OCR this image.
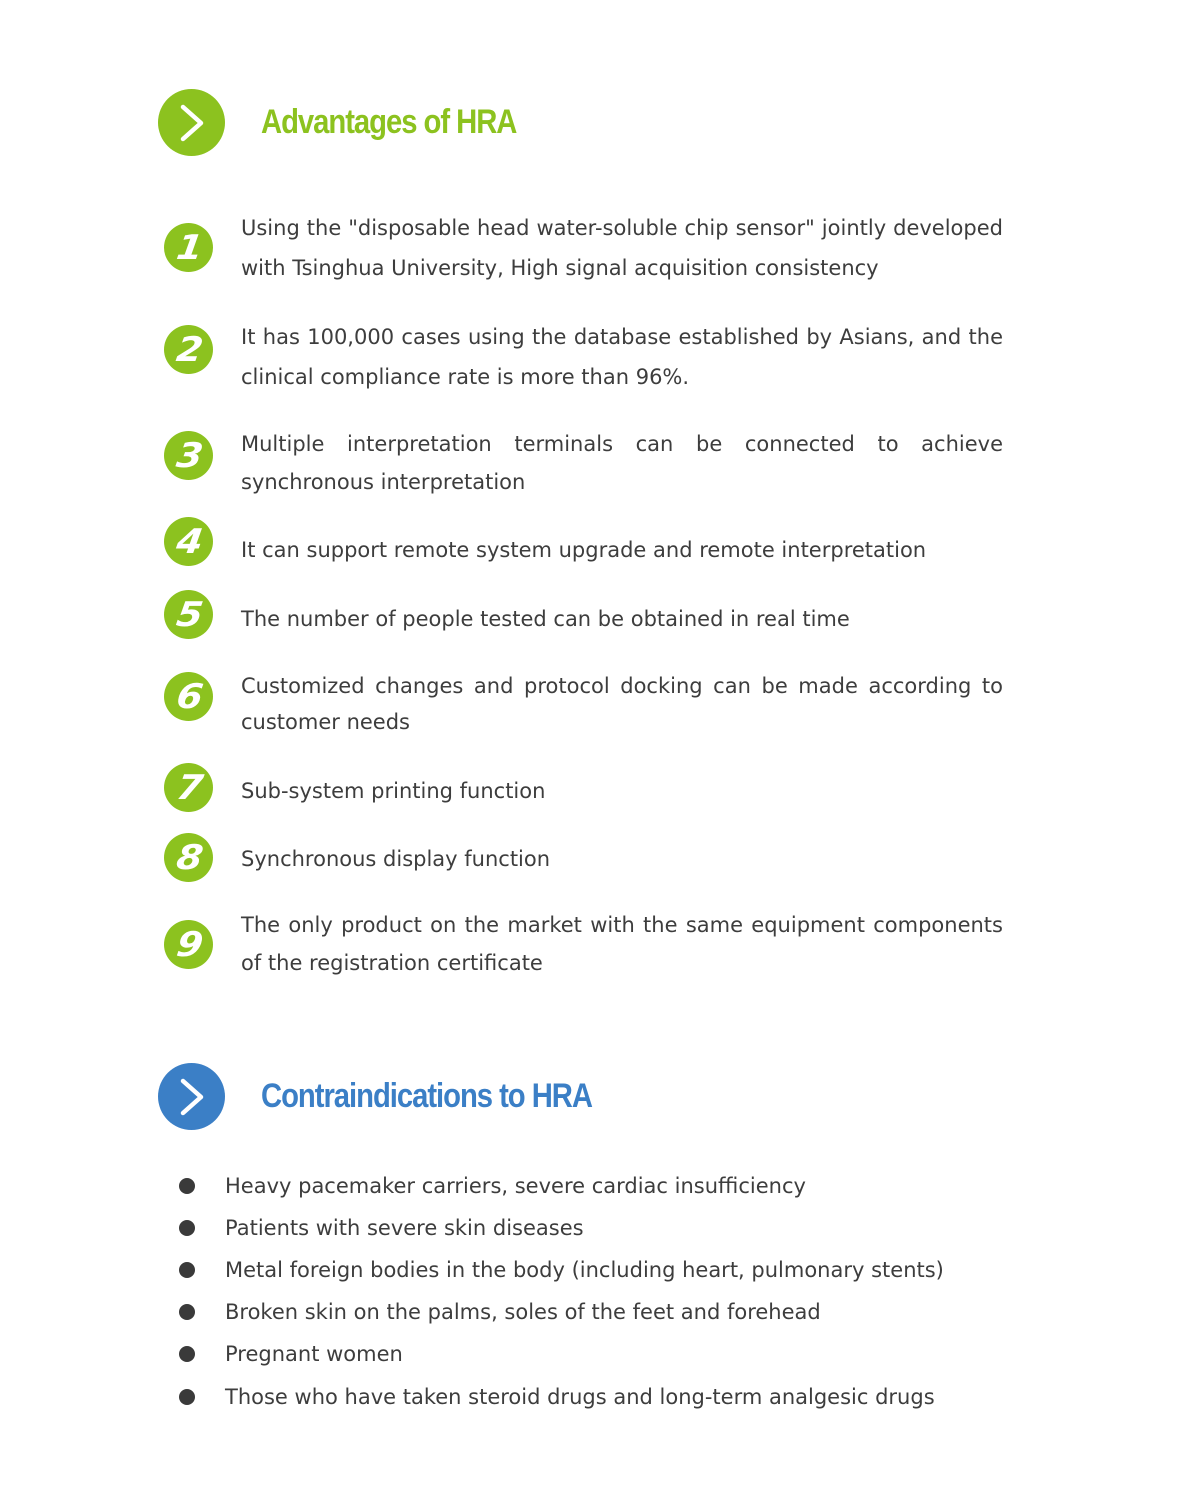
Advantages of HRA
1 Using the "disposable head water-soluble chip sensor" jointly developed with Tsinghua University, High signal acquisition consistency

2 It has 100,000 cases using the database established by Asians, and the clinical compliance rate is more than 96%.

3 Multiple interpretation terminals can be connected to achieve synchronous interpretation

4 It can support remote system upgrade and remote interpretation

5 The number of people tested can be obtained in real time

6 Customized changes and protocol docking can be made according to customer needs

7 Sub-system printing function

8 Synchronous display function

9 The only product on the market with the same equipment components of the registration certificate

Contraindications to HRA
Heavy pacemaker carriers, severe cardiac insufficiency
Patients with severe skin diseases
Metal foreign bodies in the body (including heart, pulmonary stents)
Broken skin on the palms, soles of the feet and forehead
Pregnant women
Those who have taken steroid drugs and long-term analgesic drugs
